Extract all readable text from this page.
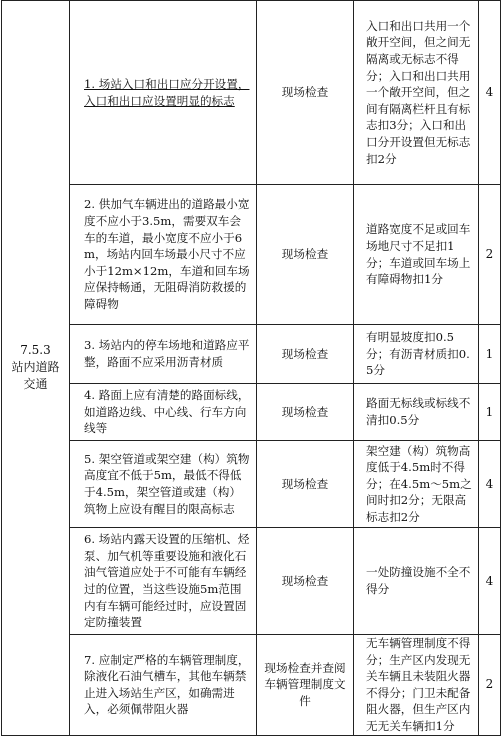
7.5.3
站内道路交通	1. 场站入口和出口应分开设置，入口和出口应设置明显的标志	现场检查	入口和出口共用一个敞开空间，但之间无隔离或无标志不得分；入口和出口共用一个敞开空间，但之间有隔离栏杆且有标志扣3分；入口和出口分开设置但无标志扣2分	4
	2. 供加气车辆进出的道路最小宽度不应小于3.5m，需要双车会车的车道，最小宽度不应小于6m，场站内回车场最小尺寸不应小于12m×12m，车道和回车场应保持畅通，无阻碍消防救援的障碍物	现场检查	道路宽度不足或回车场地尺寸不足扣1分；车道或回车场上有障碍物扣1分	2
	3. 场站内的停车场地和道路应平整，路面不应采用沥青材质	现场检查	有明显坡度扣0.5分；有沥青材质扣0.5分	1
	4. 路面上应有清楚的路面标线，如道路边线、中心线、行车方向线等	现场检查	路面无标线或标线不清扣0.5分	1
	5. 架空管道或架空建（构）筑物高度宜不低于5m，最低不得低于4.5m，架空管道或建（构）筑物上应设有醒目的限高标志	现场检查	架空建（构）筑物高度低于4.5m时不得分；在4.5m～5m之间时扣2分；无限高标志扣2分	4
	6. 场站内露天设置的压缩机、烃泵、加气机等重要设施和液化石油气管道应处于不可能有车辆经过的位置，当这些设施5m范围内有车辆可能经过时，应设置固定防撞装置	现场检查	一处防撞设施不全不得分	4
	7. 应制定严格的车辆管理制度，除液化石油气槽车，其他车辆禁止进入场站生产区，如确需进入，必须佩带阻火器	现场检查并查阅车辆管理制度文件	无车辆管理制度不得分；生产区内发现无关车辆且未装阻火器不得分；门卫未配备阻火器，但生产区内无无关车辆扣1分	2
